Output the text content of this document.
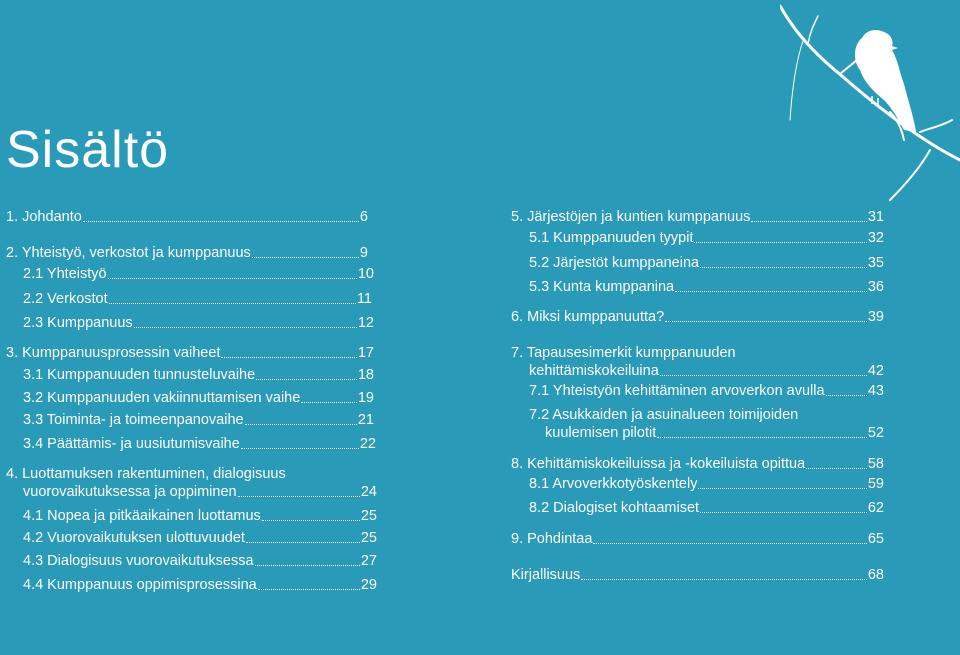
Sisältö
1. Johdanto	6
2. Yhteistyö, verkostot ja kumppanuus	9
2.1 Yhteistyö	10
2.2 Verkostot	11
2.3 Kumppanuus	12
3. Kumppanuusprosessin vaiheet	17
3.1 Kumppanuuden tunnusteluvaihe	18
3.2 Kumppanuuden vakiinnuttamisen vaihe	19
3.3 Toiminta- ja toimeenpanovaihe	21
3.4 Päättämis- ja uusiutumisvaihe	22
4. Luottamuksen rakentuminen, dialogisuus
vuorovaikutuksessa ja oppiminen	24
4.1 Nopea ja pitkäaikainen luottamus	25
4.2 Vuorovaikutuksen ulottuvuudet	25
4.3 Dialogisuus vuorovaikutuksessa	27
4.4 Kumppanuus oppimisprosessina	29
5. Järjestöjen ja kuntien kumppanuus	31
5.1 Kumppanuuden tyypit	32
5.2 Järjestöt kumppaneina	35
5.3 Kunta kumppanina	36
6. Miksi kumppanuutta?	39
7. Tapausesimerkit kumppanuuden
kehittämiskokeiluina	42
7.1 Yhteistyön kehittäminen arvoverkon avulla	43
7.2 Asukkaiden ja asuinalueen toimijoiden
kuulemisen pilotit	52
8. Kehittämiskokeiluissa ja -kokeiluista opittua	58
8.1 Arvoverkkotyöskentely	59
8.2 Dialogiset kohtaamiset	62
9. Pohdintaa	65
Kirjallisuus	68
